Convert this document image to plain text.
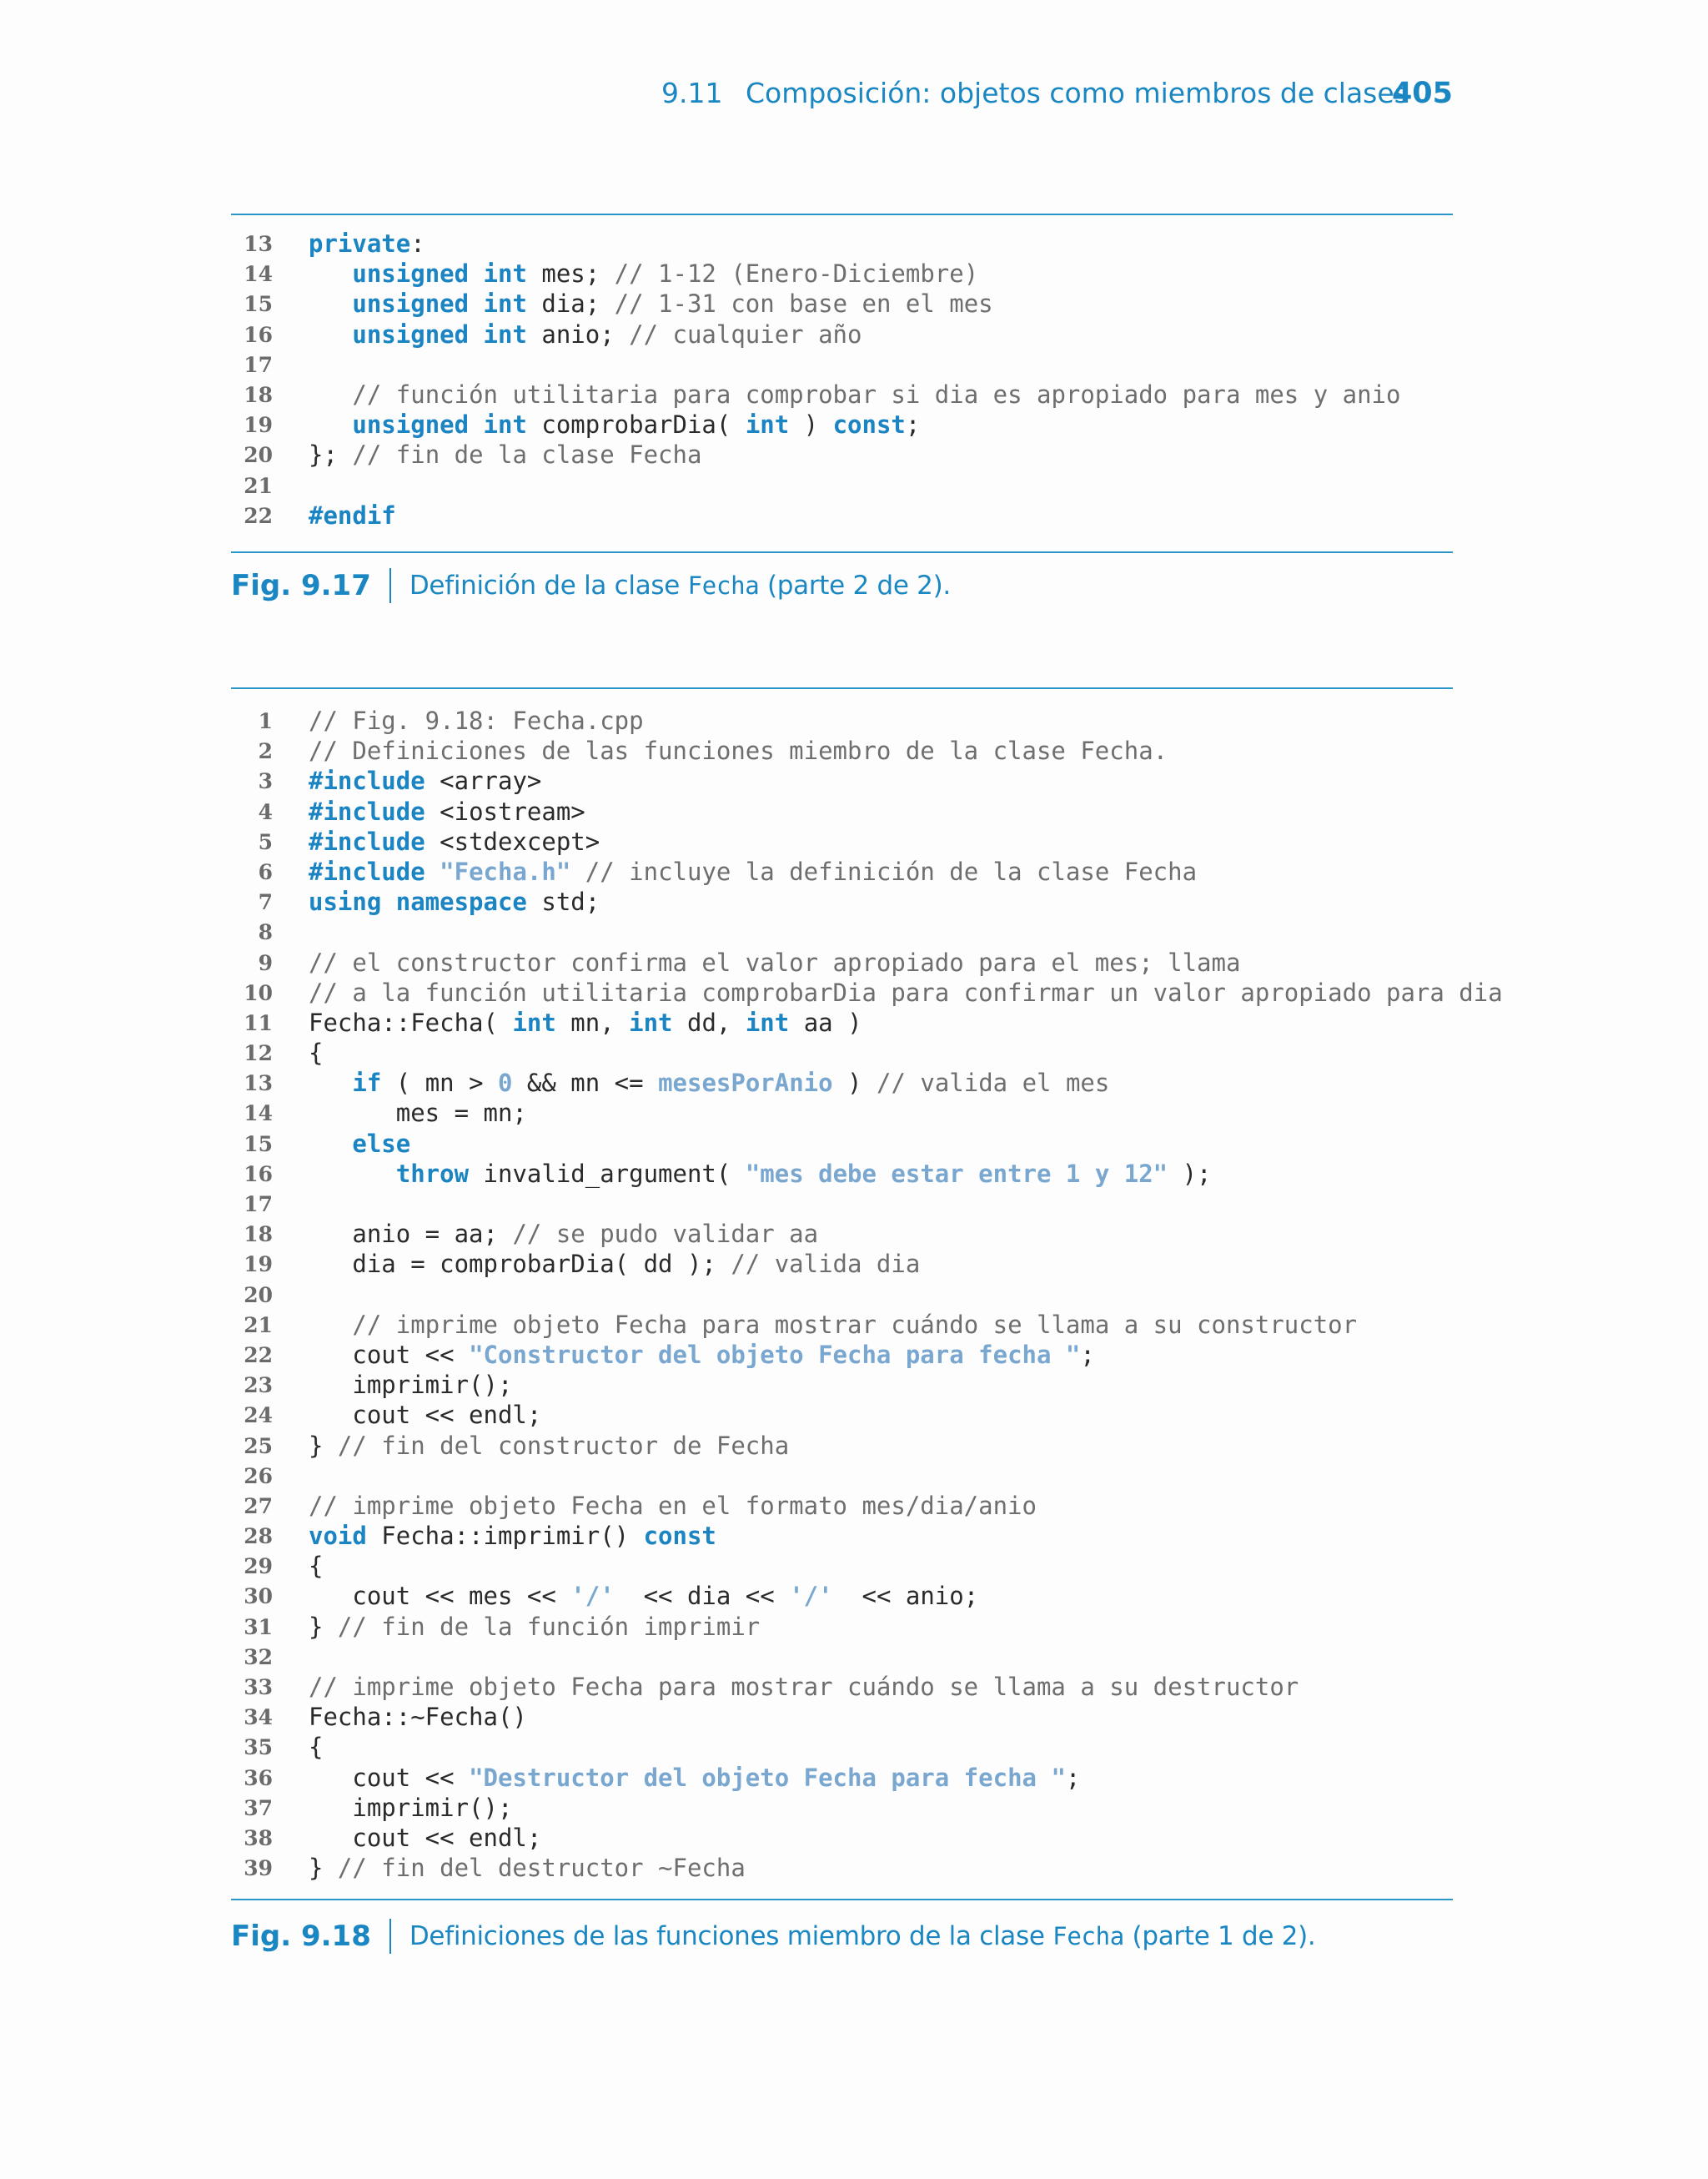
9.11 Composición: objetos como miembros de clases
405
13 private:
14	unsigned int mes; // 1-12 (Enero-Diciembre)
15	unsigned int dia; // 1-31 con base en el mes
16	unsigned int anio; // cualquier año
17
18	// función utilitaria para comprobar si dia es apropiado para mes y anio
19	unsigned int comprobarDia( int ) const;
20 }; // fin de la clase Fecha
21
22 #endif
Fig. 9.17 Definición de la clase Fecha (parte 2 de 2).
1 // Fig. 9.18: Fecha.cpp
2 // Definiciones de las funciones miembro de la clase Fecha.
3 #include <array>
4 #include <iostream>
5 #include <stdexcept>
6 #include "Fecha.h" // incluye la definición de la clase Fecha
7 using namespace std;
8
9 // el constructor confirma el valor apropiado para el mes; llama
10 // a la función utilitaria comprobarDia para confirmar un valor apropiado para dia
11 Fecha::Fecha( int mn, int dd, int aa )
12 {
13	if ( mn > 0 && mn <= mesesPorAnio ) // valida el mes
14 mes = mn;
15	else
16	throw invalid_argument( "mes debe estar entre 1 y 12" );
17
18 anio = aa; // se pudo validar aa
19 dia = comprobarDia( dd ); // valida dia
20
21	// imprime objeto Fecha para mostrar cuándo se llama a su constructor
22 cout << "Constructor del objeto Fecha para fecha ";
23 imprimir();
24 cout << endl;
25 } // fin del constructor de Fecha
26
27 // imprime objeto Fecha en el formato mes/dia/anio
28 void Fecha::imprimir() const
29 {
30 cout << mes << '/'  << dia << '/'  << anio;
31 } // fin de la función imprimir
32
33 // imprime objeto Fecha para mostrar cuándo se llama a su destructor
34 Fecha::~Fecha()
35 {
36 cout << "Destructor del objeto Fecha para fecha ";
37 imprimir();
38 cout << endl;
39 } // fin del destructor ~Fecha
Fig. 9.18 Definiciones de las funciones miembro de la clase Fecha (parte 1 de 2).
